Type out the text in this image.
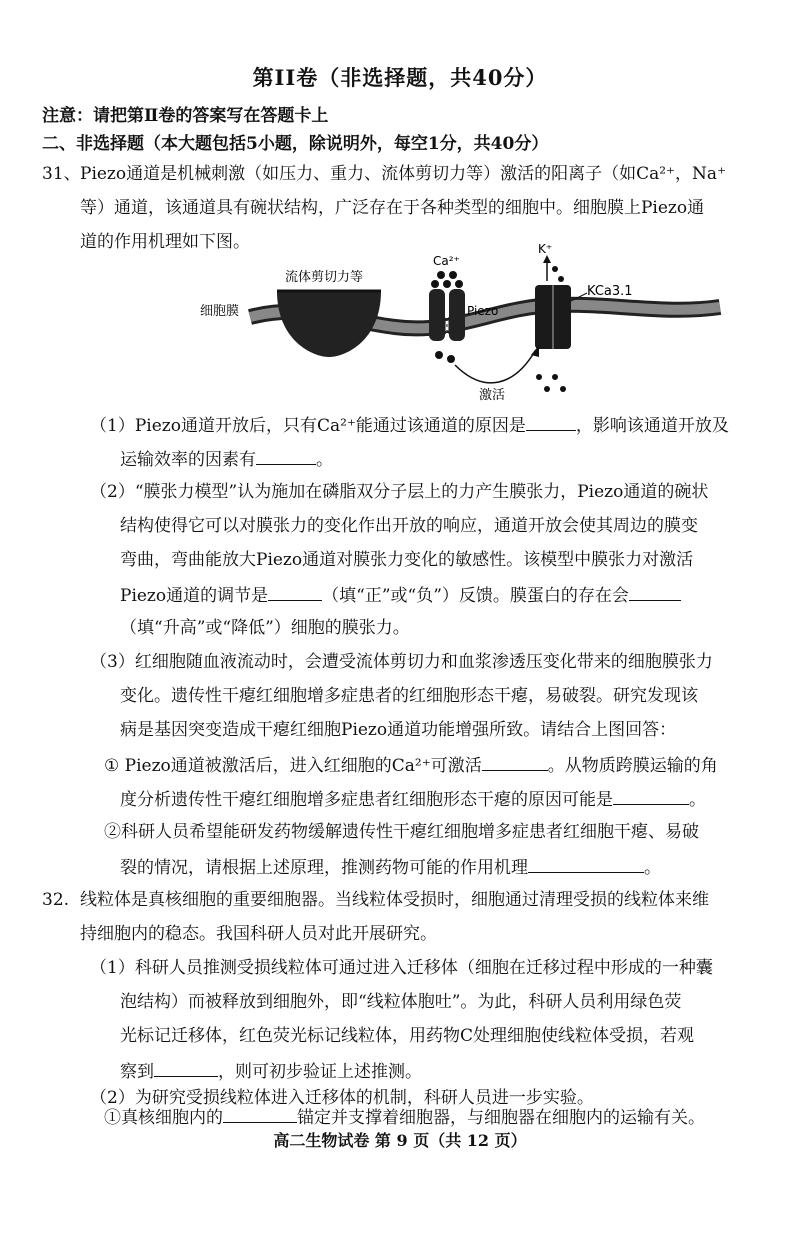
第II卷（非选择题，共40分）
注意：请把第Ⅱ卷的答案写在答题卡上
二、非选择题（本大题包括5小题，除说明外，每空1分，共40分）
31、 Piezo通道是机械刺激（如压力、重力、流体剪切力等）激活的阳离子（如Ca²⁺，Na⁺
等）通道，该通道具有碗状结构，广泛存在于各种类型的细胞中。细胞膜上Piezo通
道的作用机理如下图。
流体剪切力等
细胞膜
Ca²⁺
K⁺
Piezo
KCa3.1
激活
（1）Piezo通道开放后，只有Ca²⁺能通过该通道的原因是	，影响该通道开放及
运输效率的因素有	。
（2）“膜张力模型”认为施加在磷脂双分子层上的力产生膜张力，Piezo通道的碗状
结构使得它可以对膜张力的变化作出开放的响应，通道开放会使其周边的膜变
弯曲，弯曲能放大Piezo通道对膜张力变化的敏感性。该模型中膜张力对激活
Piezo通道的调节是	（填“正”或“负”）反馈。膜蛋白的存在会
（填“升高”或“降低”）细胞的膜张力。
（3）红细胞随血液流动时，会遭受流体剪切力和血浆渗透压变化带来的细胞膜张力
变化。遗传性干瘪红细胞增多症患者的红细胞形态干瘪，易破裂。研究发现该
病是基因突变造成干瘪红细胞Piezo通道功能增强所致。请结合上图回答：
① Piezo通道被激活后，进入红细胞的Ca²⁺可激活	。从物质跨膜运输的角
度分析遗传性干瘪红细胞增多症患者红细胞形态干瘪的原因可能是	。
②科研人员希望能研发药物缓解遗传性干瘪红细胞增多症患者红细胞干瘪、易破
裂的情况，请根据上述原理，推测药物可能的作用机理	。
32. 线粒体是真核细胞的重要细胞器。当线粒体受损时，细胞通过清理受损的线粒体来维
持细胞内的稳态。我国科研人员对此开展研究。
（1）科研人员推测受损线粒体可通过进入迁移体（细胞在迁移过程中形成的一种囊
泡结构）而被释放到细胞外，即“线粒体胞吐”。为此，科研人员利用绿色荧
光标记迁移体，红色荧光标记线粒体，用药物C处理细胞使线粒体受损，若观
察到	，则可初步验证上述推测。
（2）为研究受损线粒体进入迁移体的机制，科研人员进一步实验。
高二生物试卷 第 9 页（共 12 页）
①真核细胞内的	锚定并支撑着细胞器，与细胞器在细胞内的运输有关。
